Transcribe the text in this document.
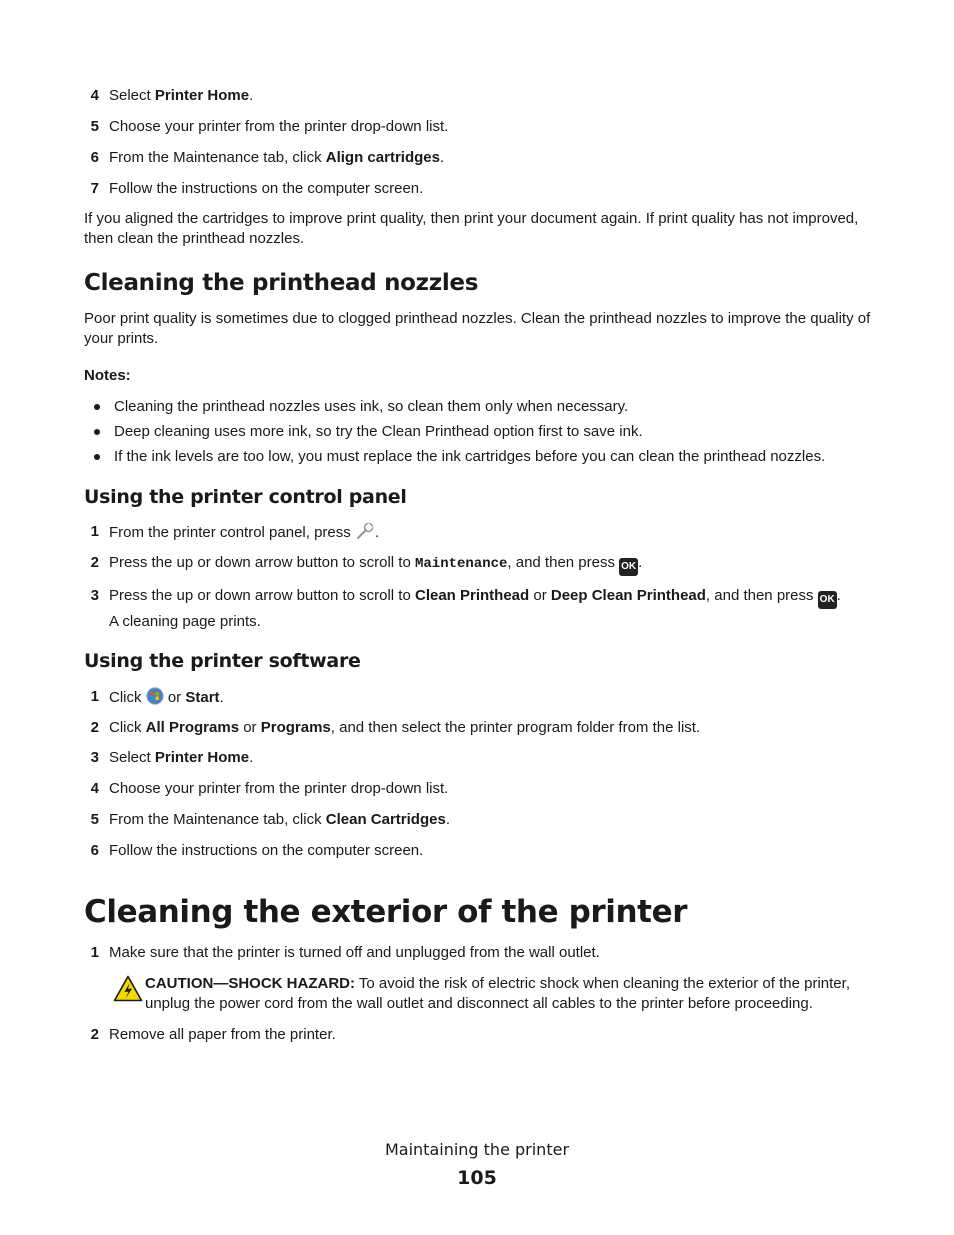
4 Select Printer Home.
5 Choose your printer from the printer drop-down list.
6 From the Maintenance tab, click Align cartridges.
7 Follow the instructions on the computer screen.
If you aligned the cartridges to improve print quality, then print your document again. If print quality has not improved, then clean the printhead nozzles.
Cleaning the printhead nozzles
Poor print quality is sometimes due to clogged printhead nozzles. Clean the printhead nozzles to improve the quality of your prints.
Notes:
Cleaning the printhead nozzles uses ink, so clean them only when necessary.
Deep cleaning uses more ink, so try the Clean Printhead option first to save ink.
If the ink levels are too low, you must replace the ink cartridges before you can clean the printhead nozzles.
Using the printer control panel
1 From the printer control panel, press .
2 Press the up or down arrow button to scroll to Maintenance, and then press OK .
3 Press the up or down arrow button to scroll to Clean Printhead or Deep Clean Printhead, and then press OK .
A cleaning page prints.
Using the printer software
1 Click  or Start.
2 Click All Programs or Programs, and then select the printer program folder from the list.
3 Select Printer Home.
4 Choose your printer from the printer drop-down list.
5 From the Maintenance tab, click Clean Cartridges.
6 Follow the instructions on the computer screen.
Cleaning the exterior of the printer
1 Make sure that the printer is turned off and unplugged from the wall outlet.
CAUTION—SHOCK HAZARD: To avoid the risk of electric shock when cleaning the exterior of the printer,
unplug the power cord from the wall outlet and disconnect all cables to the printer before proceeding.
2 Remove all paper from the printer.
Maintaining the printer
105
